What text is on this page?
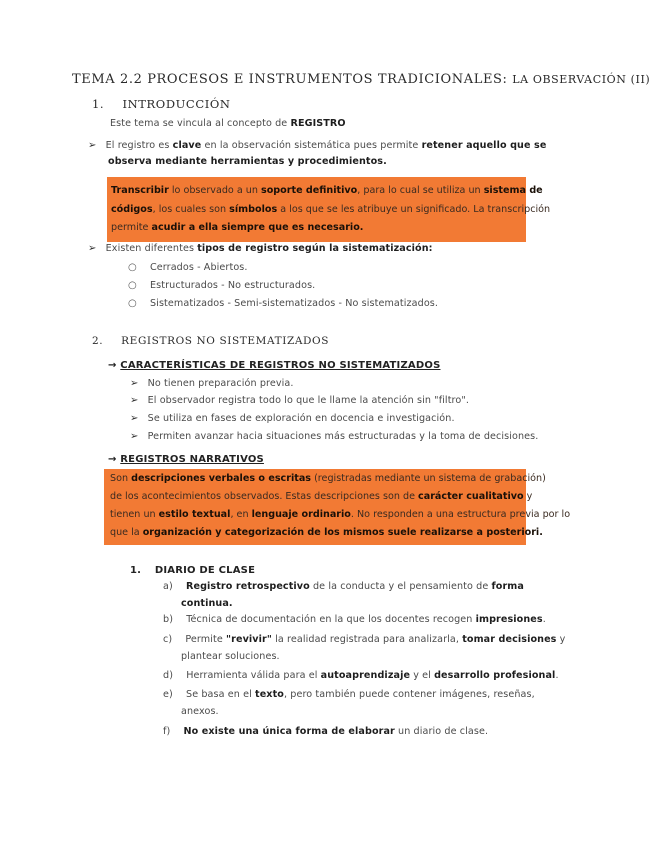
TEMA 2.2 PROCESOS E INSTRUMENTOS TRADICIONALES: LA OBSERVACIÓN (II)
1. INTRODUCCIÓN
Este tema se vincula al concepto de REGISTRO
➢ El registro es clave en la observación sistemática pues permite retener aquello que se
observa mediante herramientas y procedimientos.
Transcribir lo observado a un soporte definitivo, para lo cual se utiliza un sistema de
códigos, los cuales son símbolos a los que se les atribuye un significado. La transcripción
permite acudir a ella siempre que es necesario.
➢ Existen diferentes tipos de registro según la sistematización:
○ Cerrados - Abiertos.
○ Estructurados - No estructurados.
○ Sistematizados - Semi-sistematizados - No sistematizados.
2. REGISTROS NO SISTEMATIZADOS
→ CARACTERÍSTICAS DE REGISTROS NO SISTEMATIZADOS
➢ No tienen preparación previa.
➢ El observador registra todo lo que le llame la atención sin "filtro".
➢ Se utiliza en fases de exploración en docencia e investigación.
➢ Permiten avanzar hacia situaciones más estructuradas y la toma de decisiones.
→ REGISTROS NARRATIVOS
Son descripciones verbales o escritas (registradas mediante un sistema de grabación)
de los acontecimientos observados. Estas descripciones son de carácter cualitativo y
tienen un estilo textual, en lenguaje ordinario. No responden a una estructura previa por lo
que la organización y categorización de los mismos suele realizarse a posteriori.
1. DIARIO DE CLASE
a) Registro retrospectivo de la conducta y el pensamiento de forma
continua.
b) Técnica de documentación en la que los docentes recogen impresiones.
c) Permite "revivir" la realidad registrada para analizarla, tomar decisiones y
plantear soluciones.
d) Herramienta válida para el autoaprendizaje y el desarrollo profesional.
e) Se basa en el texto, pero también puede contener imágenes, reseñas,
anexos.
f) No existe una única forma de elaborar un diario de clase.
